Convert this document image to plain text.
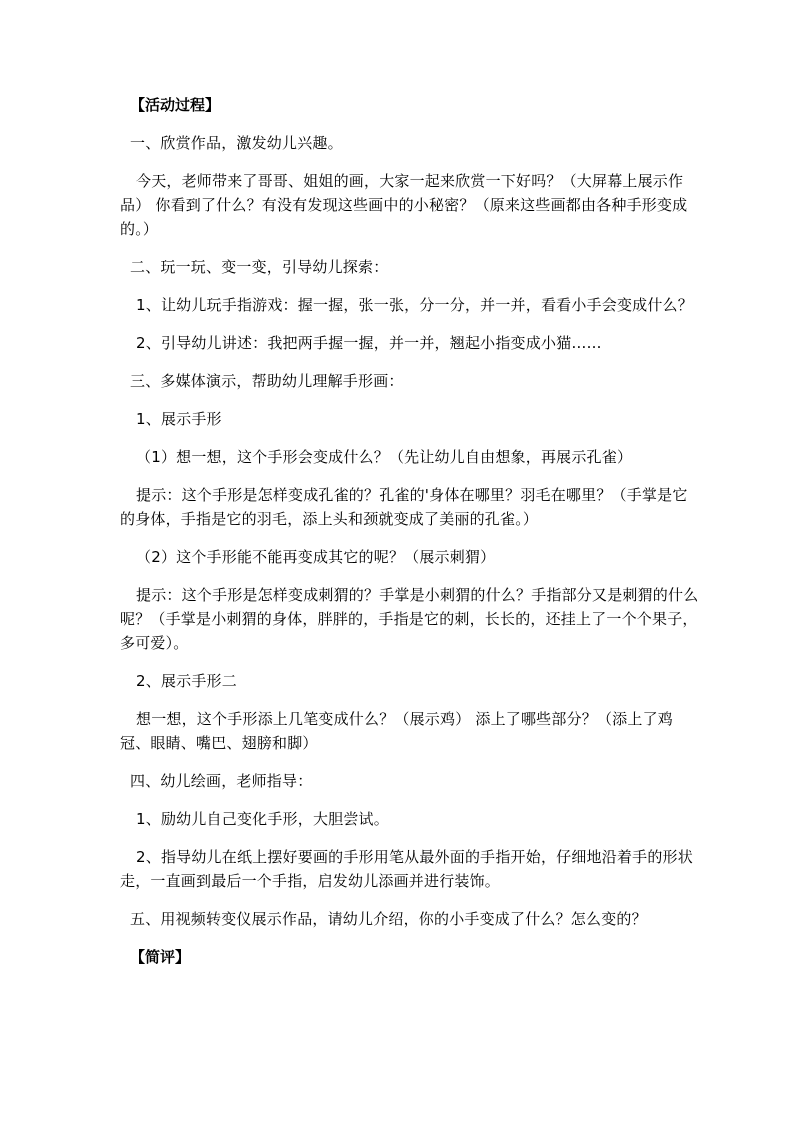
【活动过程】

一、欣赏作品，激发幼儿兴趣。

今天，老师带来了哥哥、姐姐的画，大家一起来欣赏一下好吗？（大屏幕上展示作品） 你看到了什么？有没有发现这些画中的小秘密？（原来这些画都由各种手形变成的。）

二、玩一玩、变一变，引导幼儿探索：

1、让幼儿玩手指游戏：握一握，张一张，分一分，并一并，看看小手会变成什么？

2、引导幼儿讲述：我把两手握一握，并一并，翘起小指变成小猫……

三、多媒体演示，帮助幼儿理解手形画：

1、展示手形

（1）想一想，这个手形会变成什么？（先让幼儿自由想象，再展示孔雀）

提示：这个手形是怎样变成孔雀的？孔雀的'身体在哪里？羽毛在哪里？（手掌是它的身体，手指是它的羽毛，添上头和颈就变成了美丽的孔雀。）

（2）这个手形能不能再变成其它的呢？（展示刺猬）

提示：这个手形是怎样变成刺猬的？手掌是小刺猬的什么？手指部分又是刺猬的什么呢？（手掌是小刺猬的身体，胖胖的，手指是它的刺，长长的，还挂上了一个个果子，多可爱）。

2、展示手形二

想一想，这个手形添上几笔变成什么？（展示鸡） 添上了哪些部分？（添上了鸡冠、眼睛、嘴巴、翅膀和脚）

四、幼儿绘画，老师指导：

1、励幼儿自己变化手形，大胆尝试。

2、指导幼儿在纸上摆好要画的手形用笔从最外面的手指开始，仔细地沿着手的形状走，一直画到最后一个手指，启发幼儿添画并进行装饰。

五、用视频转变仪展示作品，请幼儿介绍，你的小手变成了什么？怎么变的？

【简评】
